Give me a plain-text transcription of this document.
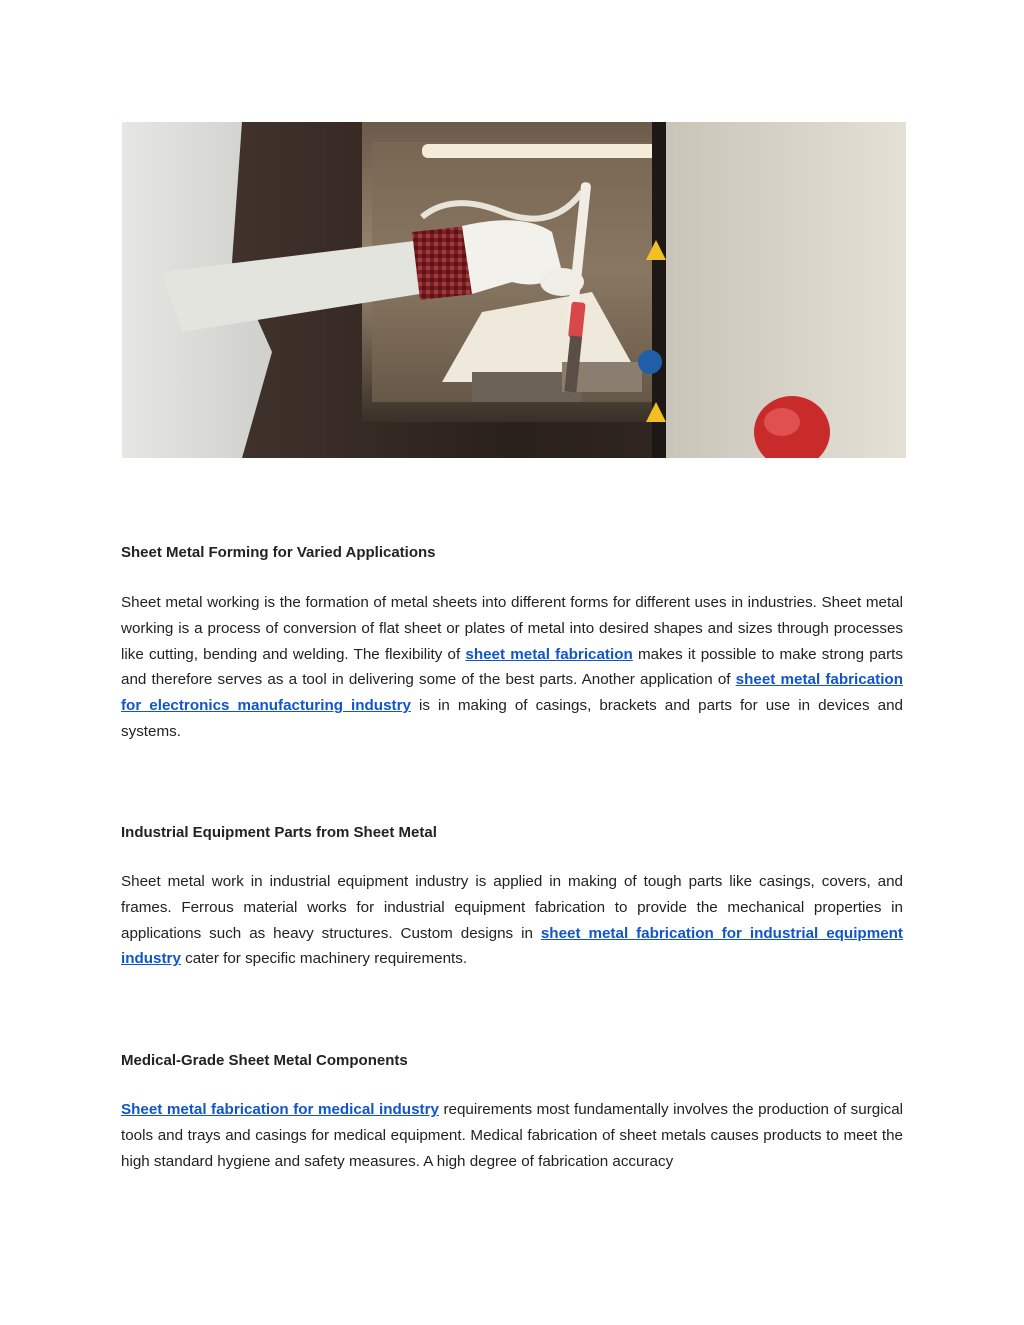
Sheet Metal Forming for Varied Applications

Sheet metal working is the formation of metal sheets into different forms for different uses in industries. Sheet metal working is a process of conversion of flat sheet or plates of metal into desired shapes and sizes through processes like cutting, bending and welding. The flexibility of sheet metal fabrication makes it possible to make strong parts and therefore serves as a tool in delivering some of the best parts. Another application of sheet metal fabrication for electronics manufacturing industry is in making of casings, brackets and parts for use in devices and systems.

Industrial Equipment Parts from Sheet Metal

Sheet metal work in industrial equipment industry is applied in making of tough parts like casings, covers, and frames. Ferrous material works for industrial equipment fabrication to provide the mechanical properties in applications such as heavy structures. Custom designs in sheet metal fabrication for industrial equipment industry cater for specific machinery requirements.

Medical-Grade Sheet Metal Components

Sheet metal fabrication for medical industry requirements most fundamentally involves the production of surgical tools and trays and casings for medical equipment. Medical fabrication of sheet metals causes products to meet the high standard hygiene and safety measures. A high degree of fabrication accuracy
